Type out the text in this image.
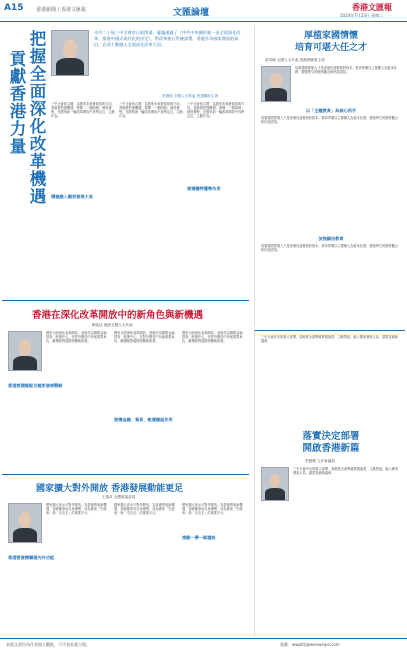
A15	香港新聞 / 香港文匯報	文匯論壇
香港文匯報
2024年7月23日 星期二
把握全面深化改革機遇
貢獻香港力量
中共二十屆三中全會於日前閉幕，審議通過了《中共中央關於進一步全面深化改革、推進中國式現代化的決定》，對改革進行系統部署。香港作為國家開放的前沿，必須主動融入全面深化改革大局。
李慧琼 全國人大常委 民建聯前主席
三中全會的召開，為國家未來發展指明方向，香港要把握機遇，發揮「一國兩制」制度優勢，在國家新一輪改革開放中找準定位，主動作為。
積極融入國家發展大局
三中全會的召開，為國家未來發展指明方向，香港要把握機遇，發揮「一國兩制」制度優勢，在國家新一輪改革開放中找準定位，主動作為。
三中全會的召開，為國家未來發展指明方向，香港要把握機遇，發揮「一國兩制」制度優勢，在國家新一輪改革開放中找準定位，主動作為。
發揮獨特優勢作用
香港在深化改革開放中的新角色與新機遇
劉兆佳 港區全國人大代表
國家全面深化改革開放，香港作為國際金融、貿易、航運中心，在對外開放中扮演重要角色，應積極對接國家戰略需要。
香港要積極配合國家發展戰略
國家全面深化改革開放，香港作為國際金融、貿易、航運中心，在對外開放中扮演重要角色，應積極對接國家戰略需要。
發揮金融、貿易、航運樞紐作用
國家全面深化改革開放，香港作為國際金融、貿易、航運中心，在對外開放中扮演重要角色，應積極對接國家戰略需要。
國家擴大對外開放 香港發展動能更足
王惠貞 全國政協委員
國家擴大高水平對外開放，為香港帶來新機遇，香港應善用自身優勢，成為國家「引進來」與「走出去」的重要平台。
香港要發揮聯通內外功能
國家擴大高水平對外開放，為香港帶來新機遇，香港應善用自身優勢，成為國家「引進來」與「走出去」的重要平台。
國家擴大高水平對外開放，為香港帶來新機遇，香港應善用自身優勢，成為國家「引進來」與「走出去」的重要平台。
推動一帶一路建設
厚植家國情懷
培育可堪大任之才
黃均瑜 全國人大代表 香港教聯會主席
培養愛國愛港人才是香港長遠發展的根本，教育界應以立德樹人為根本任務，增強學生的國家觀念和民族認同。
以「主題教育」為核心抓手
培養愛國愛港人才是香港長遠發展的根本，教育界應以立德樹人為根本任務，增強學生的國家觀念和民族認同。
加強國民教育
培養愛國愛港人才是香港長遠發展的根本，教育界應以立德樹人為根本任務，增強學生的國家觀念和民族認同。
落實決定部署
開啟香港新篇
三中全會作出的重大部署，香港要全面準確貫徹落實，主動對接，融入國家發展大局，譜寫香港新篇章。
李慧瓊 立法會議員
三中全會作出的重大部署，香港要全面準確貫徹落實，主動對接，融入國家發展大局，譜寫香港新篇章。
本版文章均為作者個人觀點，不代表本報立場。	電郵：wwpltz@wenweipo.com
